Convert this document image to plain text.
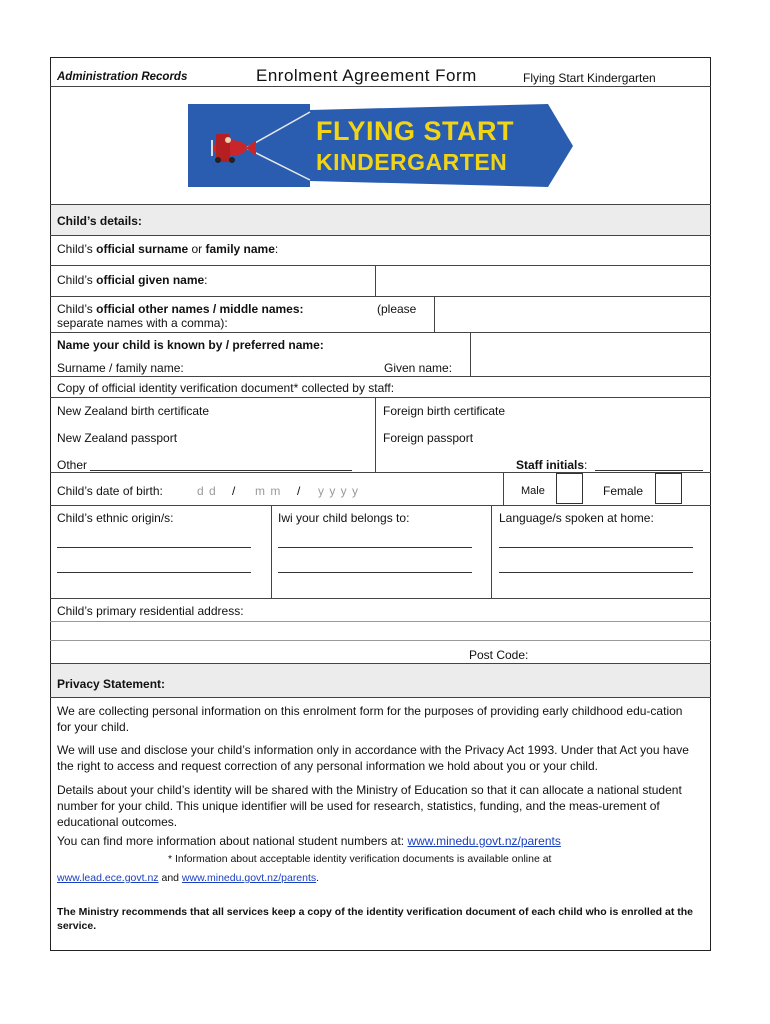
Administration Records	Enrolment Agreement Form	Flying Start Kindergarten
FLYING START
KINDERGARTEN
Child’s details:
Child’s official surname or family name:
Child’s official given name:
Child’s official other names / middle names:	(please
separate names with a comma):
Name your child is known by / preferred name:
Surname / family name:	Given name:
Copy of official identity verification document* collected by staff:
New Zealand birth certificate	Foreign birth certificate
New Zealand passport	Foreign passport
Other	Staff initials:
Child’s date of birth:	d d / m m / y y y y	Male	Female
Child’s ethnic origin/s:	Iwi your child belongs to:	Language/s spoken at home:
Child’s primary residential address:
Post Code:
Privacy Statement:
We are collecting personal information on this enrolment form for the purposes of providing early childhood edu-cation for your child.
We will use and disclose your child’s information only in accordance with the Privacy Act 1993. Under that Act you have the right to access and request correction of any personal information we hold about you or your child.
Details about your child’s identity will be shared with the Ministry of Education so that it can allocate a national student number for your child. This unique identifier will be used for research, statistics, funding, and the meas-urement of educational outcomes.
You can find more information about national student numbers at: www.minedu.govt.nz/parents
* Information about acceptable identity verification documents is available online at
www.lead.ece.govt.nz and www.minedu.govt.nz/parents.
The Ministry recommends that all services keep a copy of the identity verification document of each child who is enrolled at the service.
